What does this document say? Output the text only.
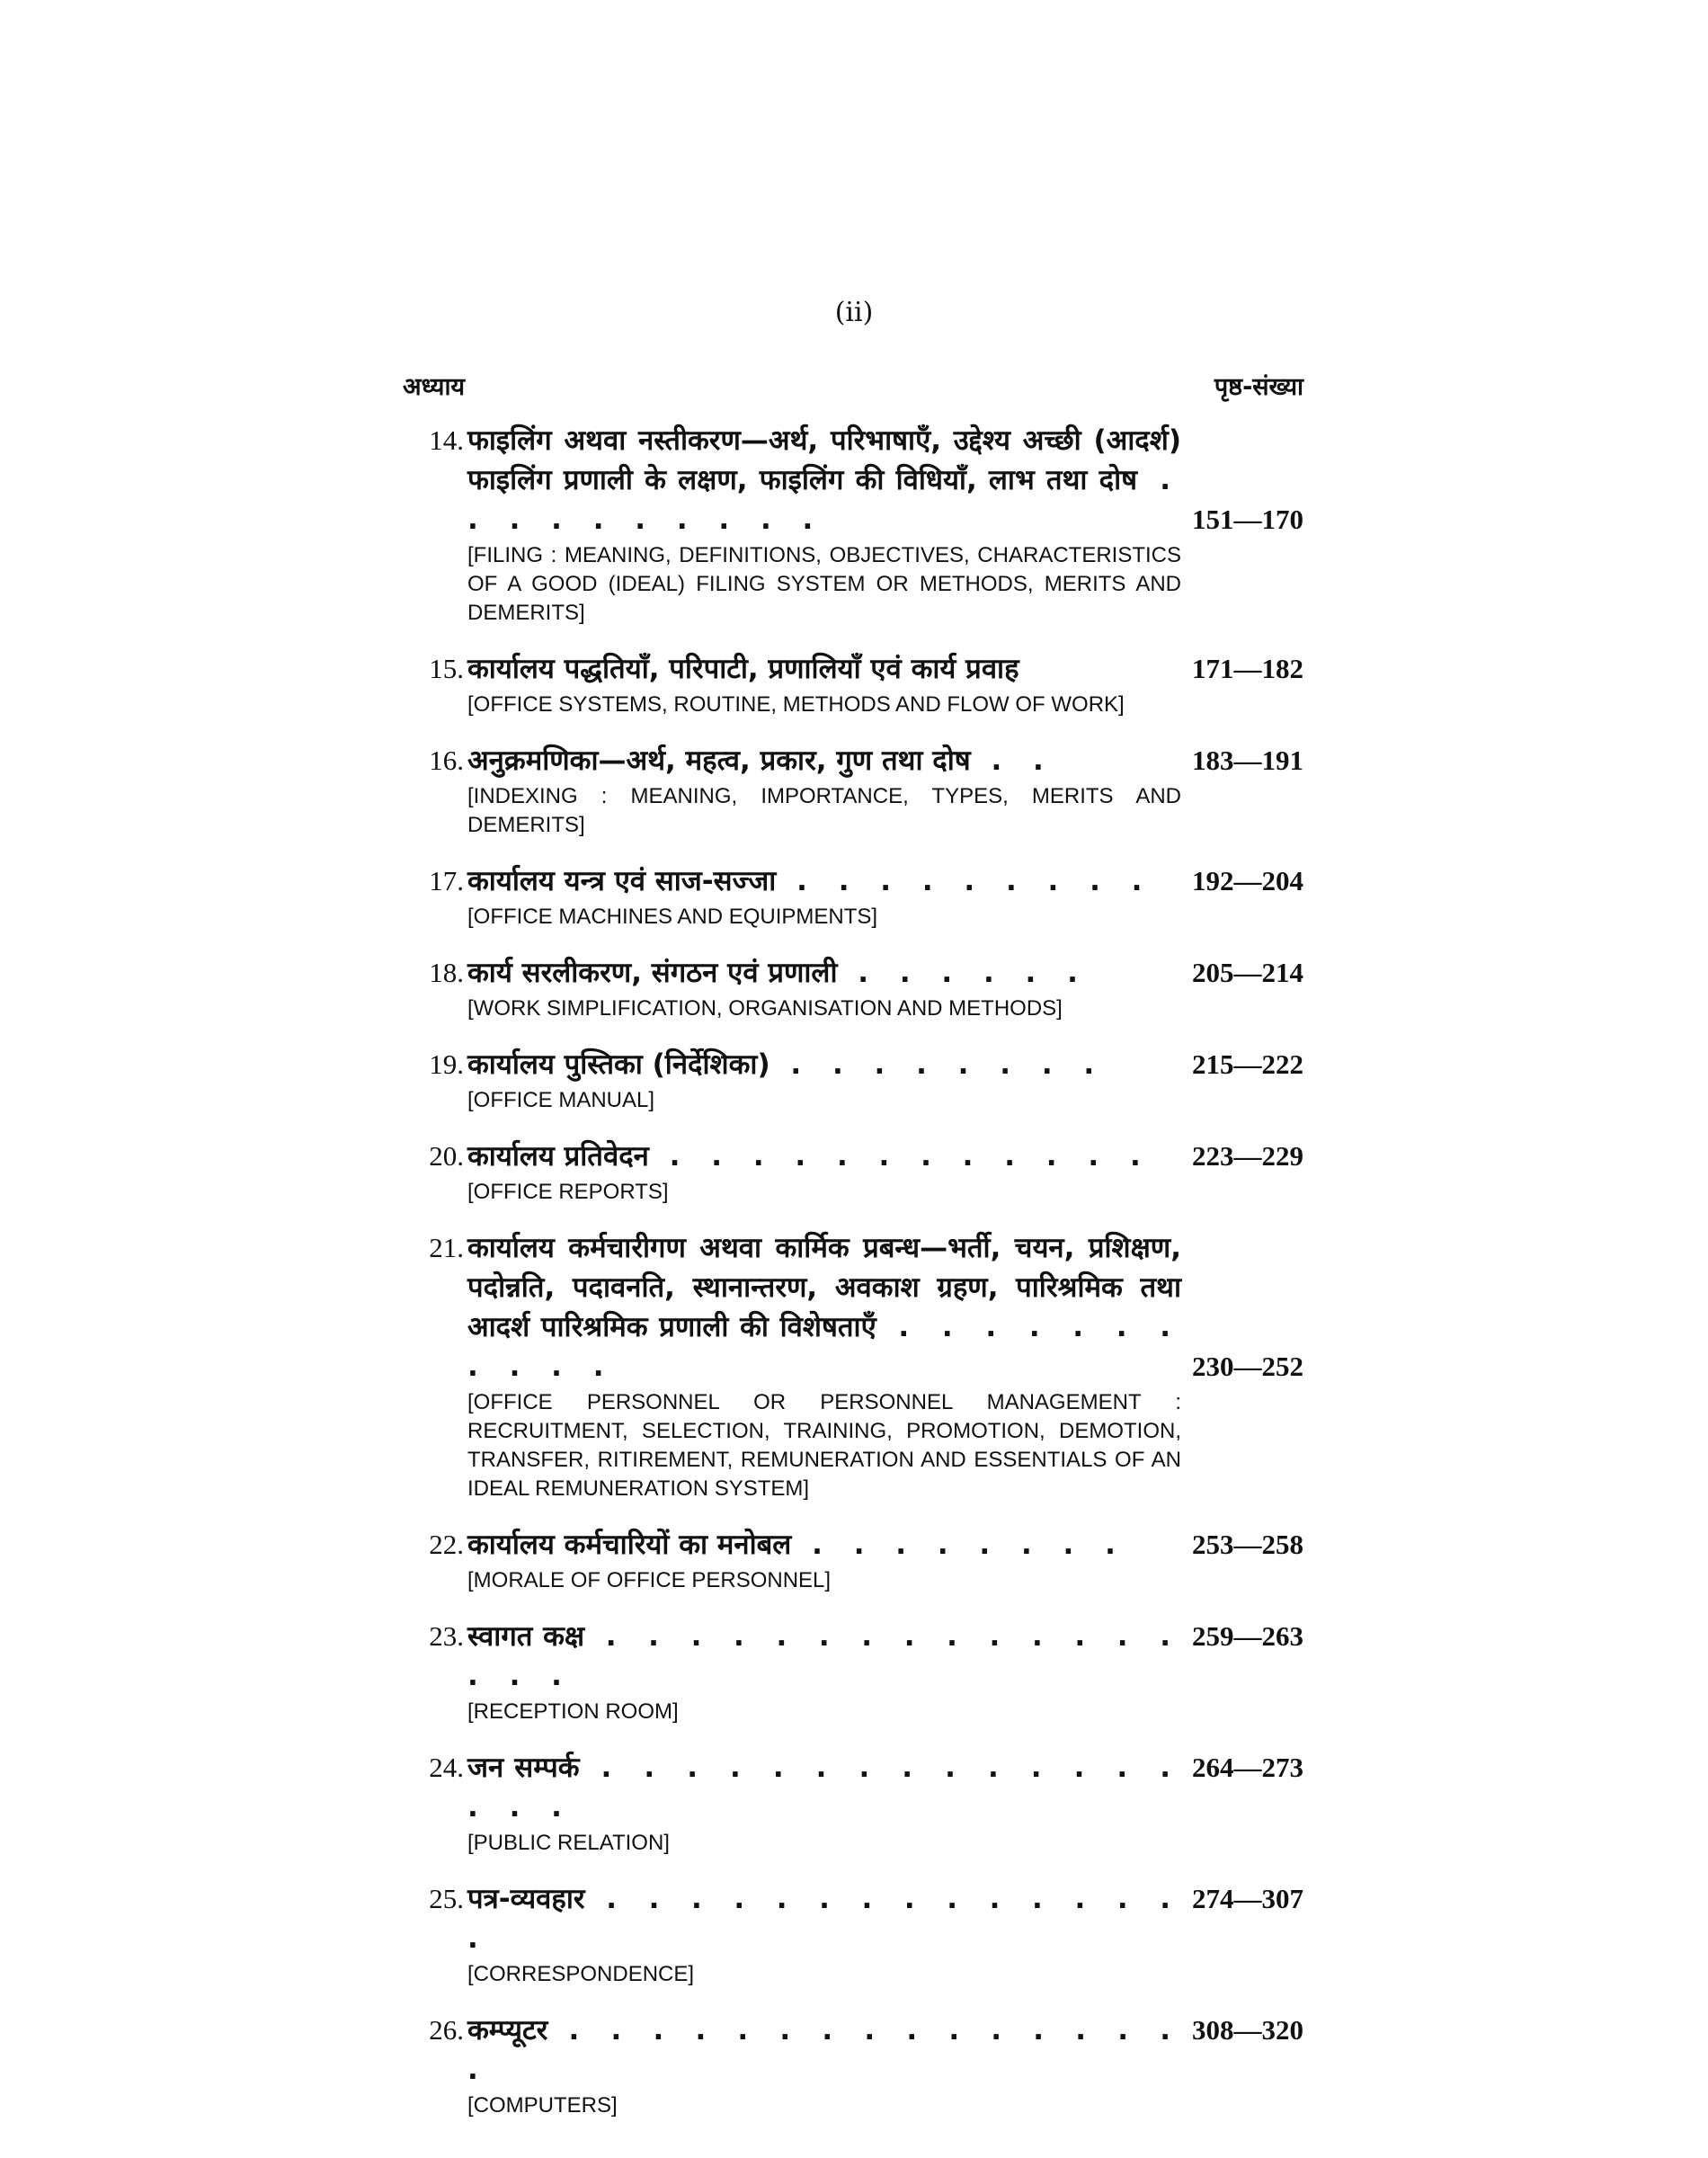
(ii)
अध्याय	पृष्ठ-संख्या
14. फाइलिंग अथवा नस्तीकरण—अर्थ, परिभाषाएँ, उद्देश्य अच्छी (आदर्श) फाइलिंग प्रणाली के लक्षण, फाइलिंग की विधियाँ, लाभ तथा दोष . . . . . . . . . .
[FILING : MEANING, DEFINITIONS, OBJECTIVES, CHARACTERISTICS OF A GOOD (IDEAL) FILING SYSTEM OR METHODS, MERITS AND DEMERITS]
151—170
15. कार्यालय पद्धतियाँ, परिपाटी, प्रणालियाँ एवं कार्य प्रवाह
[OFFICE SYSTEMS, ROUTINE, METHODS AND FLOW OF WORK]
171—182
16. अनुक्रमणिका—अर्थ, महत्व, प्रकार, गुण तथा दोष . .
[INDEXING : MEANING, IMPORTANCE, TYPES, MERITS AND DEMERITS]
183—191
17. कार्यालय यन्त्र एवं साज-सज्जा . . . . . . . . .
[OFFICE MACHINES AND EQUIPMENTS]
192—204
18. कार्य सरलीकरण, संगठन एवं प्रणाली . . . . . .
[WORK SIMPLIFICATION, ORGANISATION AND METHODS]
205—214
19. कार्यालय पुस्तिका (निर्देशिका) . . . . . . . .
[OFFICE MANUAL]
215—222
20. कार्यालय प्रतिवेदन . . . . . . . . . . . .
[OFFICE REPORTS]
223—229
21. कार्यालय कर्मचारीगण अथवा कार्मिक प्रबन्ध—भर्ती, चयन, प्रशिक्षण, पदोन्नति, पदावनति, स्थानान्तरण, अवकाश ग्रहण, पारिश्रमिक तथा आदर्श पारिश्रमिक प्रणाली की विशेषताएँ . . . . . . . . . . .
[OFFICE PERSONNEL OR PERSONNEL MANAGEMENT : RECRUITMENT, SELECTION, TRAINING, PROMOTION, DEMOTION, TRANSFER, RITIREMENT, REMUNERATION AND ESSENTIALS OF AN IDEAL REMUNERATION SYSTEM]
230—252
22. कार्यालय कर्मचारियों का मनोबल . . . . . . . .
[MORALE OF OFFICE PERSONNEL]
253—258
23. स्वागत कक्ष . . . . . . . . . . . . . . . . .
[RECEPTION ROOM]
259—263
24. जन सम्पर्क . . . . . . . . . . . . . . . . .
[PUBLIC RELATION]
264—273
25. पत्र-व्यवहार . . . . . . . . . . . . . . .
[CORRESPONDENCE]
274—307
26. कम्प्यूटर . . . . . . . . . . . . . . . .
[COMPUTERS]
308—320
